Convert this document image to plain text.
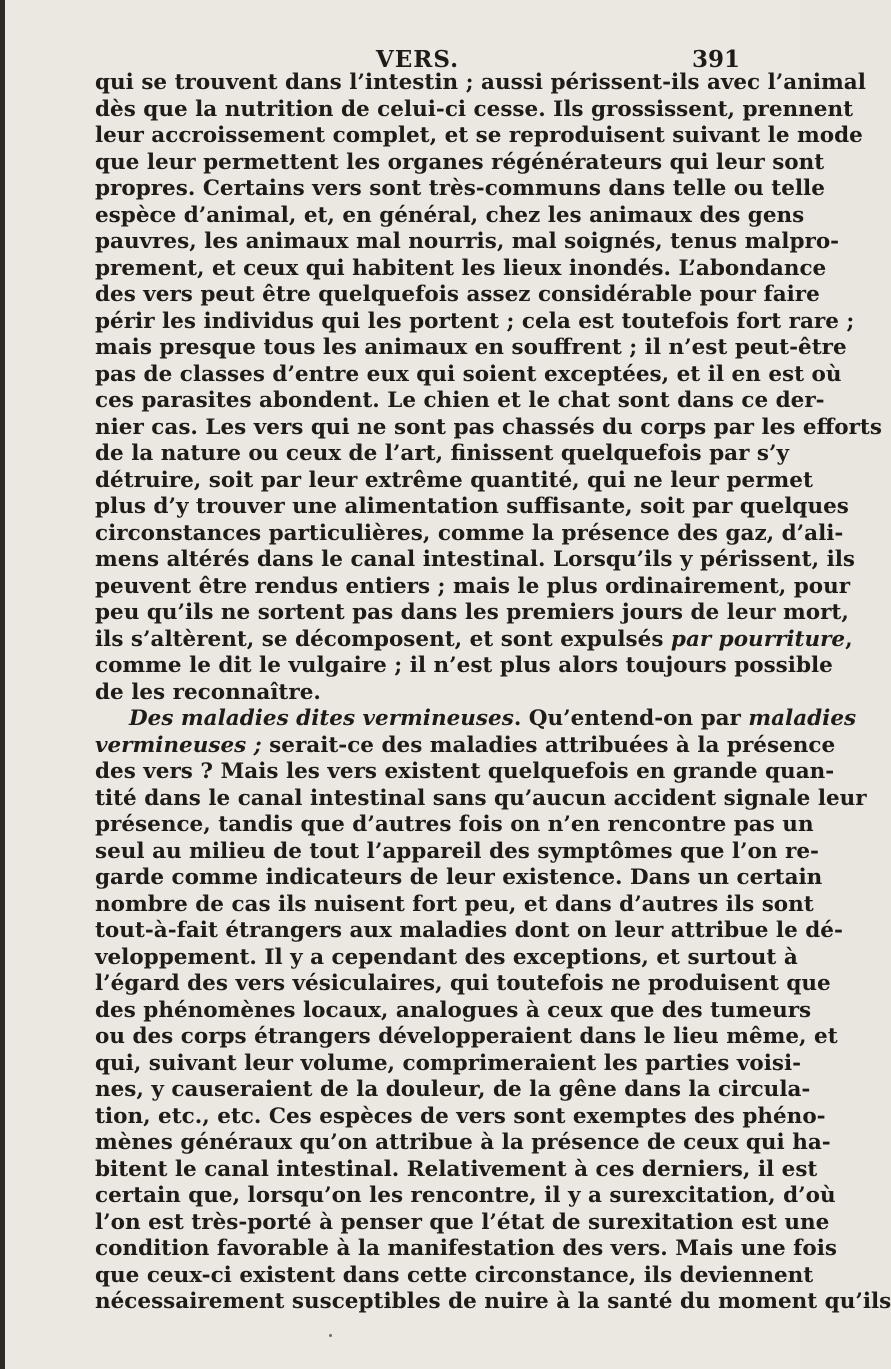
VERS.	391
qui se trouvent dans l’intestin ; aussi périssent-ils avec l’animal
dès que la nutrition de celui-ci cesse. Ils grossissent, prennent
leur accroissement complet, et se reproduisent suivant le mode
que leur permettent les organes régénérateurs qui leur sont
propres. Certains vers sont très-communs dans telle ou telle
espèce d’animal, et, en général, chez les animaux des gens
pauvres, les animaux mal nourris, mal soignés, tenus malpro-
prement, et ceux qui habitent les lieux inondés. L’abondance
des vers peut être quelquefois assez considérable pour faire
périr les individus qui les portent ; cela est toutefois fort rare ;
mais presque tous les animaux en souffrent ; il n’est peut-être
pas de classes d’entre eux qui soient exceptées, et il en est où
ces parasites abondent. Le chien et le chat sont dans ce der-
nier cas. Les vers qui ne sont pas chassés du corps par les efforts
de la nature ou ceux de l’art, finissent quelquefois par s’y
détruire, soit par leur extrême quantité, qui ne leur permet
plus d’y trouver une alimentation suffisante, soit par quelques
circonstances particulières, comme la présence des gaz, d’ali-
mens altérés dans le canal intestinal. Lorsqu’ils y périssent, ils
peuvent être rendus entiers ; mais le plus ordinairement, pour
peu qu’ils ne sortent pas dans les premiers jours de leur mort,
ils s’altèrent, se décomposent, et sont expulsés par pourriture,
comme le dit le vulgaire ; il n’est plus alors toujours possible
de les reconnaître.
Des maladies dites vermineuses. Qu’entend-on par maladies
vermineuses ; serait-ce des maladies attribuées à la présence
des vers ? Mais les vers existent quelquefois en grande quan-
tité dans le canal intestinal sans qu’aucun accident signale leur
présence, tandis que d’autres fois on n’en rencontre pas un
seul au milieu de tout l’appareil des symptômes que l’on re-
garde comme indicateurs de leur existence. Dans un certain
nombre de cas ils nuisent fort peu, et dans d’autres ils sont
tout-à-fait étrangers aux maladies dont on leur attribue le dé-
veloppement. Il y a cependant des exceptions, et surtout à
l’égard des vers vésiculaires, qui toutefois ne produisent que
des phénomènes locaux, analogues à ceux que des tumeurs
ou des corps étrangers développeraient dans le lieu même, et
qui, suivant leur volume, comprimeraient les parties voisi-
nes, y causeraient de la douleur, de la gêne dans la circula-
tion, etc., etc. Ces espèces de vers sont exemptes des phéno-
mènes généraux qu’on attribue à la présence de ceux qui ha-
bitent le canal intestinal. Relativement à ces derniers, il est
certain que, lorsqu’on les rencontre, il y a surexcitation, d’où
l’on est très-porté à penser que l’état de surexitation est une
condition favorable à la manifestation des vers. Mais une fois
que ceux-ci existent dans cette circonstance, ils deviennent
nécessairement susceptibles de nuire à la santé du moment qu’ils
